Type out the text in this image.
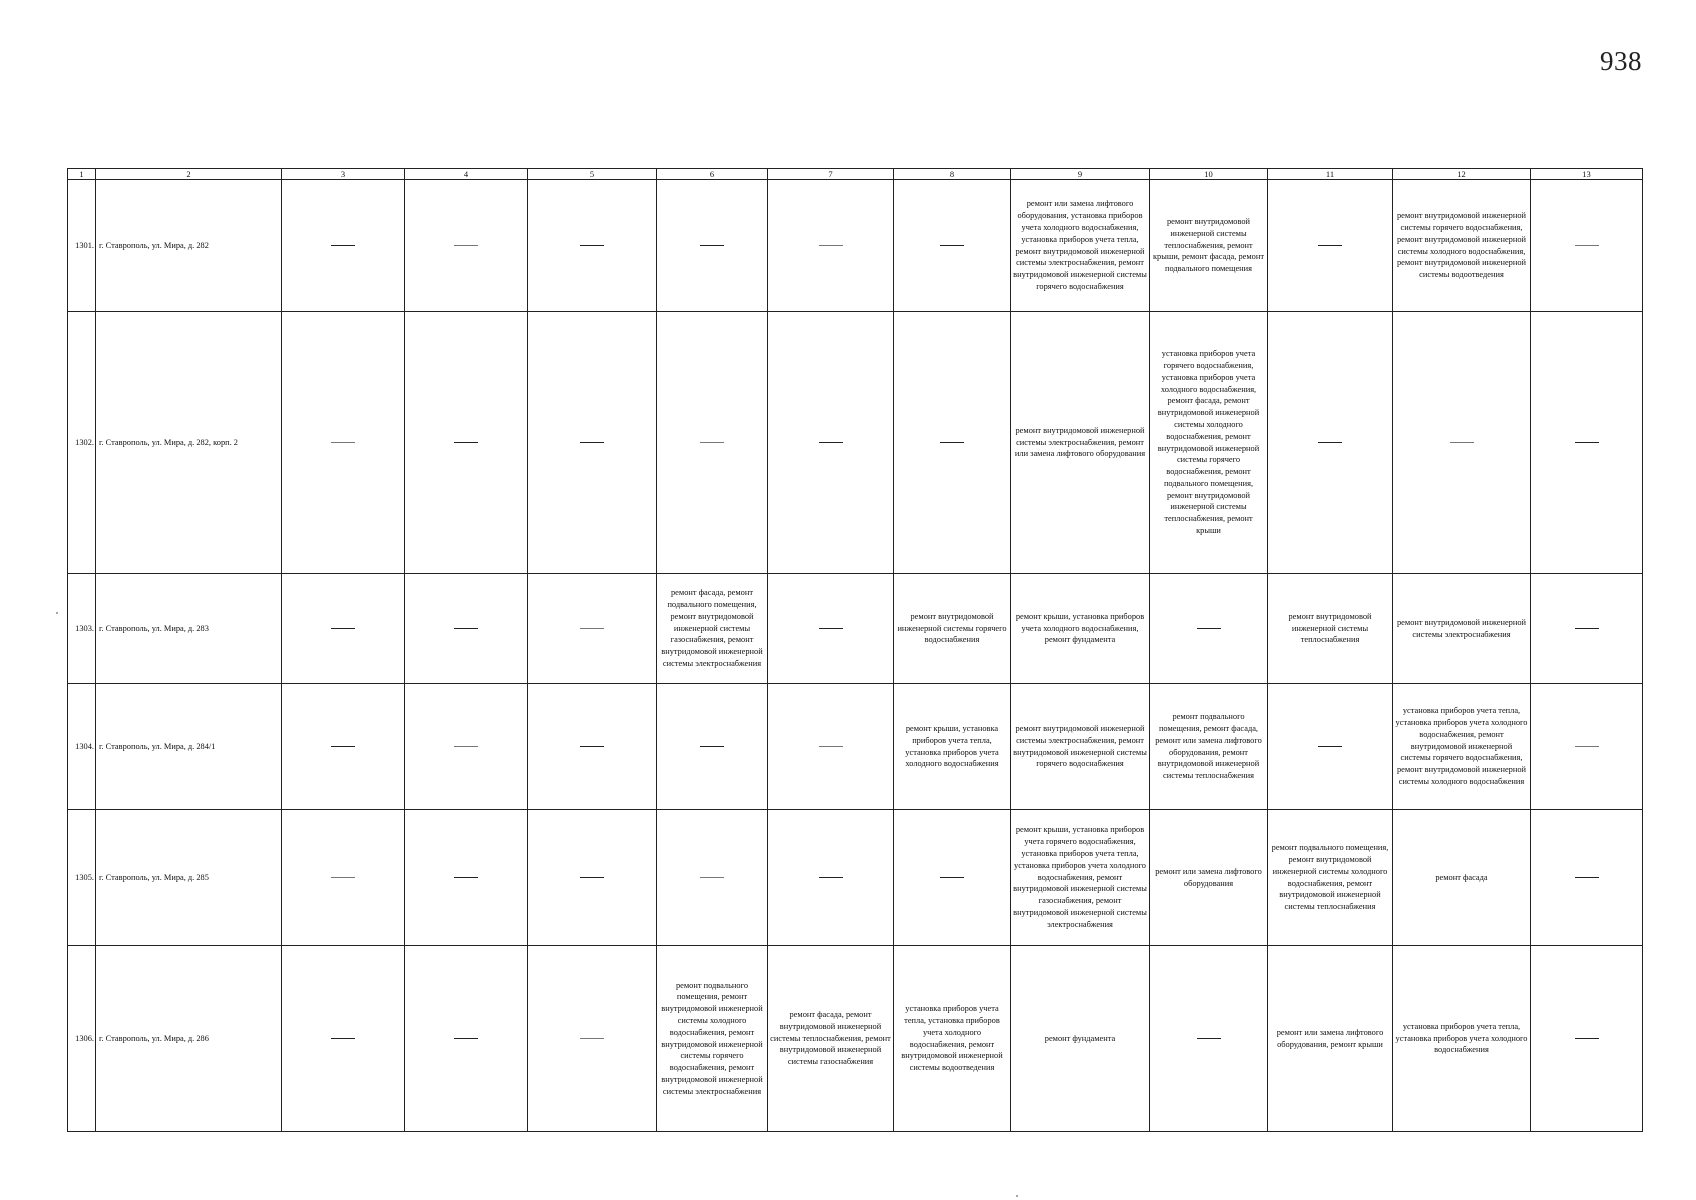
938
1	2	3	4	5	6	7	8	9	10	11	12	13
1301.	г. Ставрополь, ул. Мира, д. 282							ремонт или замена лифтового оборудования, установка приборов учета холодного водоснабжения, установка приборов учета тепла, ремонт внутридомовой инженерной системы электроснабжения, ремонт внутридомовой инженерной системы горячего водоснабжения	ремонт внутридомовой инженерной системы теплоснабжения, ремонт крыши, ремонт фасада, ремонт подвального помещения		ремонт внутридомовой инженерной системы горячего водоснабжения, ремонт внутридомовой инженерной системы холодного водоснабжения, ремонт внутридомовой инженерной системы водоотведения	
1302.	г. Ставрополь, ул. Мира, д. 282, корп. 2							ремонт внутридомовой инженерной системы электроснабжения, ремонт или замена лифтового оборудования	установка приборов учета горячего водоснабжения, установка приборов учета холодного водоснабжения, ремонт фасада, ремонт внутридомовой инженерной системы холодного водоснабжения, ремонт внутридомовой инженерной системы горячего водоснабжения, ремонт подвального помещения, ремонт внутридомовой инженерной системы теплоснабжения, ремонт крыши			
1303.	г. Ставрополь, ул. Мира, д. 283				ремонт фасада, ремонт подвального помещения, ремонт внутридомовой инженерной системы газоснабжения, ремонт внутридомовой инженерной системы электроснабжения		ремонт внутридомовой инженерной системы горячего водоснабжения	ремонт крыши, установка приборов учета холодного водоснабжения, ремонт фундамента		ремонт внутридомовой инженерной системы теплоснабжения	ремонт внутридомовой инженерной системы электроснабжения	
1304.	г. Ставрополь, ул. Мира, д. 284/1						ремонт крыши, установка приборов учета тепла, установка приборов учета холодного водоснабжения	ремонт внутридомовой инженерной системы электроснабжения, ремонт внутридомовой инженерной системы горячего водоснабжения	ремонт подвального помещения, ремонт фасада, ремонт или замена лифтового оборудования, ремонт внутридомовой инженерной системы теплоснабжения		установка приборов учета тепла, установка приборов учета холодного водоснабжения, ремонт внутридомовой инженерной системы горячего водоснабжения, ремонт внутридомовой инженерной системы холодного водоснабжения	
1305.	г. Ставрополь, ул. Мира, д. 285							ремонт крыши, установка приборов учета горячего водоснабжения, установка приборов учета тепла, установка приборов учета холодного водоснабжения, ремонт внутридомовой инженерной системы газоснабжения, ремонт внутридомовой инженерной системы электроснабжения	ремонт или замена лифтового оборудования	ремонт подвального помещения, ремонт внутридомовой инженерной системы холодного водоснабжения, ремонт внутридомовой инженерной системы теплоснабжения	ремонт фасада	
1306.	г. Ставрополь, ул. Мира, д. 286				ремонт подвального помещения, ремонт внутридомовой инженерной системы холодного водоснабжения, ремонт внутридомовой инженерной системы горячего водоснабжения, ремонт внутридомовой инженерной системы электроснабжения	ремонт фасада, ремонт внутридомовой инженерной системы теплоснабжения, ремонт внутридомовой инженерной системы газоснабжения	установка приборов учета тепла, установка приборов учета холодного водоснабжения, ремонт внутридомовой инженерной системы водоотведения	ремонт фундамента		ремонт или замена лифтового оборудования, ремонт крыши	установка приборов учета тепла, установка приборов учета холодного водоснабжения	
